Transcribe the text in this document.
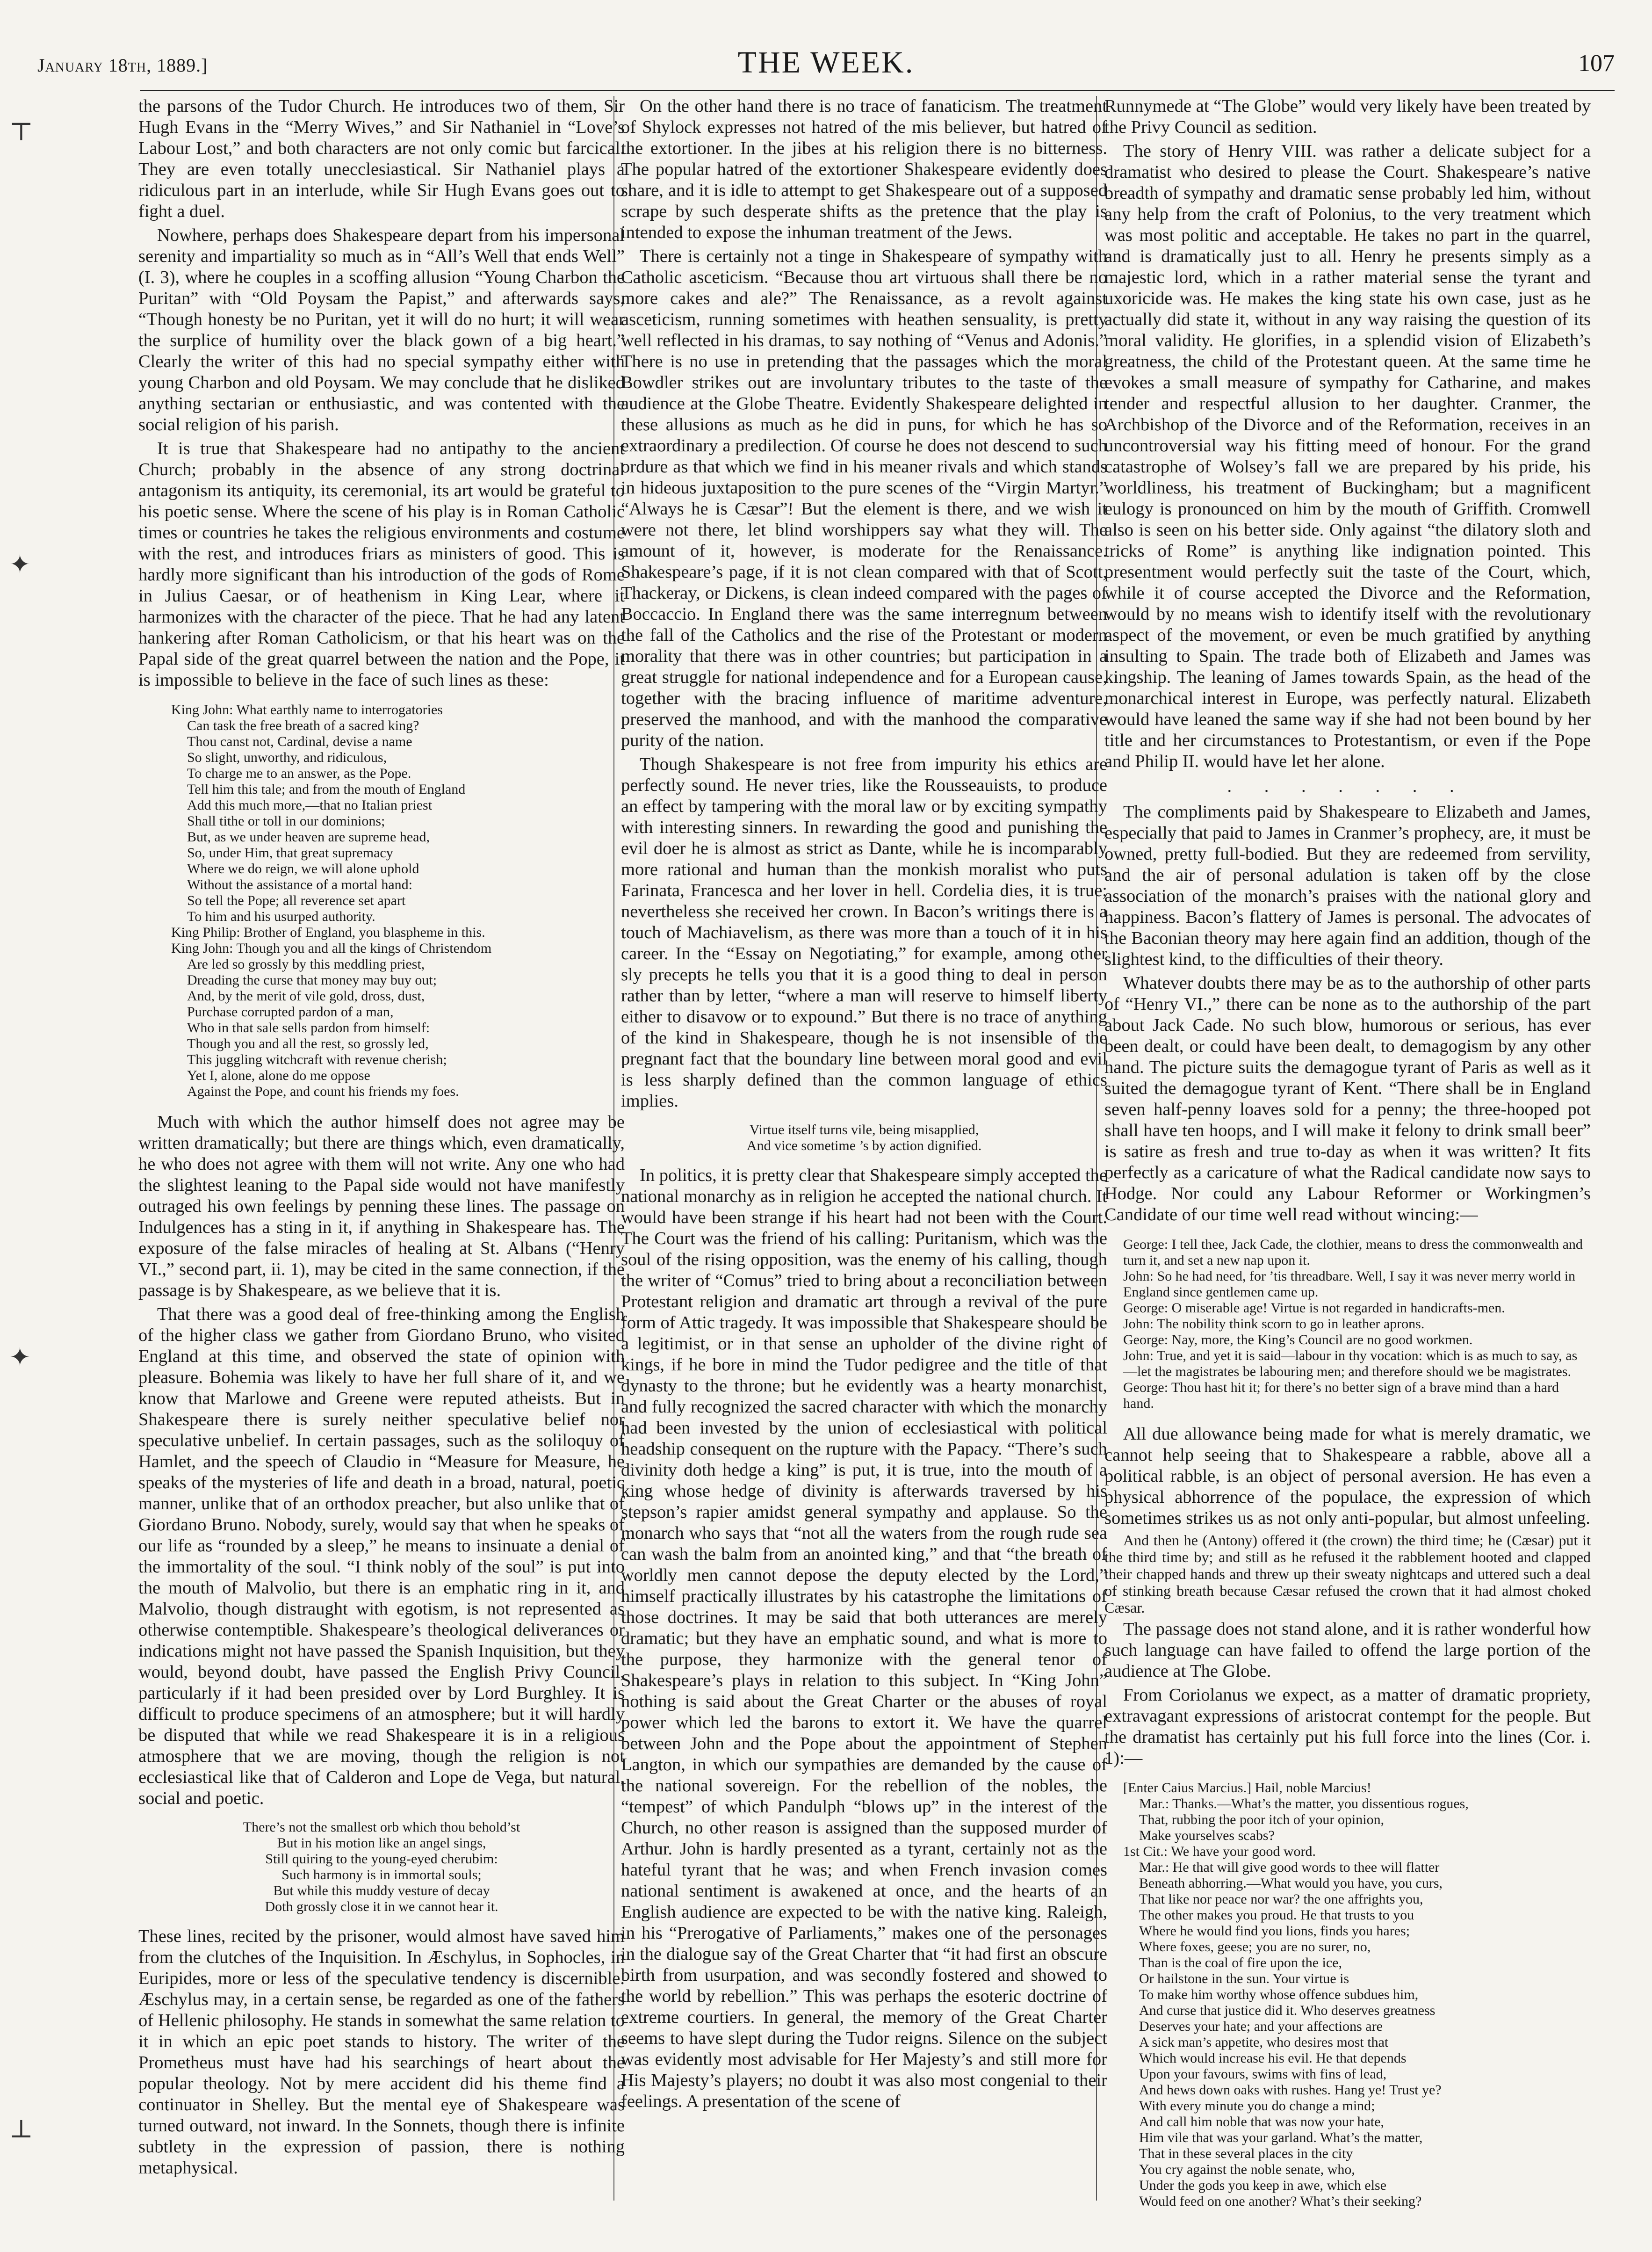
January 18th, 1889.]	THE WEEK.	107
⊤
✦
✦
⊥

the parsons of the Tudor Church. He introduces two of them, Sir Hugh Evans in the “Merry Wives,” and Sir Nathaniel in “Love’s Labour Lost,” and both characters are not only comic but farcical. They are even totally unecclesiastical. Sir Nathaniel plays a ridiculous part in an interlude, while Sir Hugh Evans goes out to fight a duel.

Nowhere, perhaps does Shakespeare depart from his impersonal serenity and impartiality so much as in “All’s Well that ends Well” (I. 3), where he couples in a scoffing allusion “Young Charbon the Puritan” with “Old Poysam the Papist,” and afterwards says, “Though honesty be no Puritan, yet it will do no hurt; it will wear the surplice of humility over the black gown of a big heart.” Clearly the writer of this had no special sympathy either with young Charbon and old Poysam. We may conclude that he disliked anything sectarian or enthusiastic, and was contented with the social religion of his parish.

It is true that Shakespeare had no antipathy to the ancient Church; probably in the absence of any strong doctrinal antagonism its antiquity, its ceremonial, its art would be grateful to his poetic sense. Where the scene of his play is in Roman Catholic times or countries he takes the religious environments and costume with the rest, and introduces friars as ministers of good. This is hardly more significant than his introduction of the gods of Rome in Julius Caesar, or of heathenism in King Lear, where it harmonizes with the character of the piece. That he had any latent hankering after Roman Catholicism, or that his heart was on the Papal side of the great quarrel between the nation and the Pope, it is impossible to believe in the face of such lines as these:

King John: What earthly name to interrogatories
Can task the free breath of a sacred king?
Thou canst not, Cardinal, devise a name
So slight, unworthy, and ridiculous,
To charge me to an answer, as the Pope.
Tell him this tale; and from the mouth of England
Add this much more,—that no Italian priest
Shall tithe or toll in our dominions;
But, as we under heaven are supreme head,
So, under Him, that great supremacy
Where we do reign, we will alone uphold
Without the assistance of a mortal hand:
So tell the Pope; all reverence set apart
To him and his usurped authority.
King Philip: Brother of England, you blaspheme in this.
King John: Though you and all the kings of Christendom
Are led so grossly by this meddling priest,
Dreading the curse that money may buy out;
And, by the merit of vile gold, dross, dust,
Purchase corrupted pardon of a man,
Who in that sale sells pardon from himself:
Though you and all the rest, so grossly led,
This juggling witchcraft with revenue cherish;
Yet I, alone, alone do me oppose
Against the Pope, and count his friends my foes.

Much with which the author himself does not agree may be written dramatically; but there are things which, even dramatically, he who does not agree with them will not write. Any one who had the slightest leaning to the Papal side would not have manifestly outraged his own feelings by penning these lines. The passage on Indulgences has a sting in it, if anything in Shakespeare has. The exposure of the false miracles of healing at St. Albans (“Henry VI.,” second part, ii. 1), may be cited in the same connection, if the passage is by Shakespeare, as we believe that it is.

That there was a good deal of free-thinking among the English of the higher class we gather from Giordano Bruno, who visited England at this time, and observed the state of opinion with pleasure. Bohemia was likely to have her full share of it, and we know that Marlowe and Greene were reputed atheists. But in Shakespeare there is surely neither speculative belief nor speculative unbelief. In certain passages, such as the soliloquy of Hamlet, and the speech of Claudio in “Measure for Measure, he speaks of the mysteries of life and death in a broad, natural, poetic manner, unlike that of an orthodox preacher, but also unlike that of Giordano Bruno. Nobody, surely, would say that when he speaks of our life as “rounded by a sleep,” he means to insinuate a denial of the immortality of the soul. “I think nobly of the soul” is put into the mouth of Malvolio, but there is an emphatic ring in it, and Malvolio, though distraught with egotism, is not represented as otherwise contemptible. Shakespeare’s theological deliverances or indications might not have passed the Spanish Inquisition, but they would, beyond doubt, have passed the English Privy Council, particularly if it had been presided over by Lord Burghley. It is difficult to produce specimens of an atmosphere; but it will hardly be disputed that while we read Shakespeare it is in a religious atmosphere that we are moving, though the religion is not ecclesiastical like that of Calderon and Lope de Vega, but natural, social and poetic.

There’s not the smallest orb which thou behold’st
But in his motion like an angel sings,
Still quiring to the young-eyed cherubim:
Such harmony is in immortal souls;
But while this muddy vesture of decay
Doth grossly close it in we cannot hear it.

These lines, recited by the prisoner, would almost have saved him from the clutches of the Inquisition. In Æschylus, in Sophocles, in Euripides, more or less of the speculative tendency is discernible. Æschylus may, in a certain sense, be regarded as one of the fathers of Hellenic philosophy. He stands in somewhat the same relation to it in which an epic poet stands to history. The writer of the Prometheus must have had his searchings of heart about the popular theology. Not by mere accident did his theme find a continuator in Shelley. But the mental eye of Shakespeare was turned outward, not inward. In the Sonnets, though there is infinite subtlety in the expression of passion, there is nothing metaphysical.

On the other hand there is no trace of fanaticism. The treatment of Shylock expresses not hatred of the mis believer, but hatred of the extortioner. In the jibes at his religion there is no bitterness. The popular hatred of the extortioner Shakespeare evidently does share, and it is idle to attempt to get Shakespeare out of a supposed scrape by such desperate shifts as the pretence that the play is intended to expose the inhuman treatment of the Jews.

There is certainly not a tinge in Shakespeare of sympathy with Catholic asceticism. “Because thou art virtuous shall there be no more cakes and ale?” The Renaissance, as a revolt against asceticism, running sometimes with heathen sensuality, is pretty well reflected in his dramas, to say nothing of “Venus and Adonis.” There is no use in pretending that the passages which the moral Bowdler strikes out are involuntary tributes to the taste of the audience at the Globe Theatre. Evidently Shakespeare delighted in these allusions as much as he did in puns, for which he has so extraordinary a predilection. Of course he does not descend to such ordure as that which we find in his meaner rivals and which stands in hideous juxtaposition to the pure scenes of the “Virgin Martyr.” “Always he is Cæsar”! But the element is there, and we wish it were not there, let blind worshippers say what they will. The amount of it, however, is moderate for the Renaissance. Shakespeare’s page, if it is not clean compared with that of Scott, Thackeray, or Dickens, is clean indeed compared with the pages of Boccaccio. In England there was the same interregnum between the fall of the Catholics and the rise of the Protestant or modern morality that there was in other countries; but participation in a great struggle for national independence and for a European cause, together with the bracing influence of maritime adventure, preserved the manhood, and with the manhood the comparative purity of the nation.

Though Shakespeare is not free from impurity his ethics are perfectly sound. He never tries, like the Rousseauists, to produce an effect by tampering with the moral law or by exciting sympathy with interesting sinners. In rewarding the good and punishing the evil doer he is almost as strict as Dante, while he is incomparably more rational and human than the monkish moralist who puts Farinata, Francesca and her lover in hell. Cordelia dies, it is true; nevertheless she received her crown. In Bacon’s writings there is a touch of Machiavelism, as there was more than a touch of it in his career. In the “Essay on Negotiating,” for example, among other sly precepts he tells you that it is a good thing to deal in person rather than by letter, “where a man will reserve to himself liberty either to disavow or to expound.” But there is no trace of anything of the kind in Shakespeare, though he is not insensible of the pregnant fact that the boundary line between moral good and evil is less sharply defined than the common language of ethics implies.

Virtue itself turns vile, being misapplied,
And vice sometime ’s by action dignified.

In politics, it is pretty clear that Shakespeare simply accepted the national monarchy as in religion he accepted the national church. It would have been strange if his heart had not been with the Court. The Court was the friend of his calling: Puritanism, which was the soul of the rising opposition, was the enemy of his calling, though the writer of “Comus” tried to bring about a reconciliation between Protestant religion and dramatic art through a revival of the pure form of Attic tragedy. It was impossible that Shakespeare should be a legitimist, or in that sense an upholder of the divine right of kings, if he bore in mind the Tudor pedigree and the title of that dynasty to the throne; but he evidently was a hearty monarchist, and fully recognized the sacred character with which the monarchy had been invested by the union of ecclesiastical with political headship consequent on the rupture with the Papacy. “There’s such divinity doth hedge a king” is put, it is true, into the mouth of a king whose hedge of divinity is afterwards traversed by his stepson’s rapier amidst general sympathy and applause. So the monarch who says that “not all the waters from the rough rude sea can wash the balm from an anointed king,” and that “the breath of worldly men cannot depose the deputy elected by the Lord,” himself practically illustrates by his catastrophe the limitations of those doctrines. It may be said that both utterances are merely dramatic; but they have an emphatic sound, and what is more to the purpose, they harmonize with the general tenor of Shakespeare’s plays in relation to this subject. In “King John” nothing is said about the Great Charter or the abuses of royal power which led the barons to extort it. We have the quarrel between John and the Pope about the appointment of Stephen Langton, in which our sympathies are demanded by the cause of the national sovereign. For the rebellion of the nobles, the “tempest” of which Pandulph “blows up” in the interest of the Church, no other reason is assigned than the supposed murder of Arthur. John is hardly presented as a tyrant, certainly not as the hateful tyrant that he was; and when French invasion comes national sentiment is awakened at once, and the hearts of an English audience are expected to be with the native king. Raleigh, in his “Prerogative of Parliaments,” makes one of the personages in the dialogue say of the Great Charter that “it had first an obscure birth from usurpation, and was secondly fostered and showed to the world by rebellion.” This was perhaps the esoteric doctrine of extreme courtiers. In general, the memory of the Great Charter seems to have slept during the Tudor reigns. Silence on the subject was evidently most advisable for Her Majesty’s and still more for His Majesty’s players; no doubt it was also most congenial to their feelings. A presentation of the scene of

Runnymede at “The Globe” would very likely have been treated by the Privy Council as sedition.

The story of Henry VIII. was rather a delicate subject for a dramatist who desired to please the Court. Shakespeare’s native breadth of sympathy and dramatic sense probably led him, without any help from the craft of Polonius, to the very treatment which was most politic and acceptable. He takes no part in the quarrel, and is dramatically just to all. Henry he presents simply as a majestic lord, which in a rather material sense the tyrant and uxoricide was. He makes the king state his own case, just as he actually did state it, without in any way raising the question of its moral validity. He glorifies, in a splendid vision of Elizabeth’s greatness, the child of the Protestant queen. At the same time he evokes a small measure of sympathy for Catharine, and makes tender and respectful allusion to her daughter. Cranmer, the Archbishop of the Divorce and of the Reformation, receives in an uncontroversial way his fitting meed of honour. For the grand catastrophe of Wolsey’s fall we are prepared by his pride, his worldliness, his treatment of Buckingham; but a magnificent eulogy is pronounced on him by the mouth of Griffith. Cromwell also is seen on his better side. Only against “the dilatory sloth and tricks of Rome” is anything like indignation pointed. This presentment would perfectly suit the taste of the Court, which, while it of course accepted the Divorce and the Reformation, would by no means wish to identify itself with the revolutionary aspect of the movement, or even be much gratified by anything insulting to Spain. The trade both of Elizabeth and James was kingship. The leaning of James towards Spain, as the head of the monarchical interest in Europe, was perfectly natural. Elizabeth would have leaned the same way if she had not been bound by her title and her circumstances to Protestantism, or even if the Pope and Philip II. would have let her alone.

. . . . . . .

The compliments paid by Shakespeare to Elizabeth and James, especially that paid to James in Cranmer’s prophecy, are, it must be owned, pretty full-bodied. But they are redeemed from servility, and the air of personal adulation is taken off by the close association of the monarch’s praises with the national glory and happiness. Bacon’s flattery of James is personal. The advocates of the Baconian theory may here again find an addition, though of the slightest kind, to the difficulties of their theory.

Whatever doubts there may be as to the authorship of other parts of “Henry VI.,” there can be none as to the authorship of the part about Jack Cade. No such blow, humorous or serious, has ever been dealt, or could have been dealt, to demagogism by any other hand. The picture suits the demagogue tyrant of Paris as well as it suited the demagogue tyrant of Kent. “There shall be in England seven half-penny loaves sold for a penny; the three-hooped pot shall have ten hoops, and I will make it felony to drink small beer” is satire as fresh and true to-day as when it was written? It fits perfectly as a caricature of what the Radical candidate now says to Hodge. Nor could any Labour Reformer or Workingmen’s Candidate of our time well read without wincing:—

George: I tell thee, Jack Cade, the clothier, means to dress the commonwealth and turn it, and set a new nap upon it.
John: So he had need, for ’tis threadbare. Well, I say it was never merry world in England since gentlemen came up.
George: O miserable age! Virtue is not regarded in handicrafts-men.
John: The nobility think scorn to go in leather aprons.
George: Nay, more, the King’s Council are no good workmen.
John: True, and yet it is said—labour in thy vocation: which is as much to say, as—let the magistrates be labouring men; and therefore should we be magistrates.
George: Thou hast hit it; for there’s no better sign of a brave mind than a hard hand.

All due allowance being made for what is merely dramatic, we cannot help seeing that to Shakespeare a rabble, above all a political rabble, is an object of personal aversion. He has even a physical abhorrence of the populace, the expression of which sometimes strikes us as not only anti-popular, but almost unfeeling.

And then he (Antony) offered it (the crown) the third time; he (Cæsar) put it the third time by; and still as he refused it the rabblement hooted and clapped their chapped hands and threw up their sweaty nightcaps and uttered such a deal of stinking breath because Cæsar refused the crown that it had almost choked Cæsar.

The passage does not stand alone, and it is rather wonderful how such language can have failed to offend the large portion of the audience at The Globe.

From Coriolanus we expect, as a matter of dramatic propriety, extravagant expressions of aristocrat contempt for the people. But the dramatist has certainly put his full force into the lines (Cor. i. 1):—

[Enter Caius Marcius.] Hail, noble Marcius!
Mar.: Thanks.—What’s the matter, you dissentious rogues,
That, rubbing the poor itch of your opinion,
Make yourselves scabs?
1st Cit.: We have your good word.
Mar.: He that will give good words to thee will flatter
Beneath abhorring.—What would you have, you curs,
That like nor peace nor war? the one affrights you,
The other makes you proud. He that trusts to you
Where he would find you lions, finds you hares;
Where foxes, geese; you are no surer, no,
Than is the coal of fire upon the ice,
Or hailstone in the sun. Your virtue is
To make him worthy whose offence subdues him,
And curse that justice did it. Who deserves greatness
Deserves your hate; and your affections are
A sick man’s appetite, who desires most that
Which would increase his evil. He that depends
Upon your favours, swims with fins of lead,
And hews down oaks with rushes. Hang ye! Trust ye?
With every minute you do change a mind;
And call him noble that was now your hate,
Him vile that was your garland. What’s the matter,
That in these several places in the city
You cry against the noble senate, who,
Under the gods you keep in awe, which else
Would feed on one another? What’s their seeking?
